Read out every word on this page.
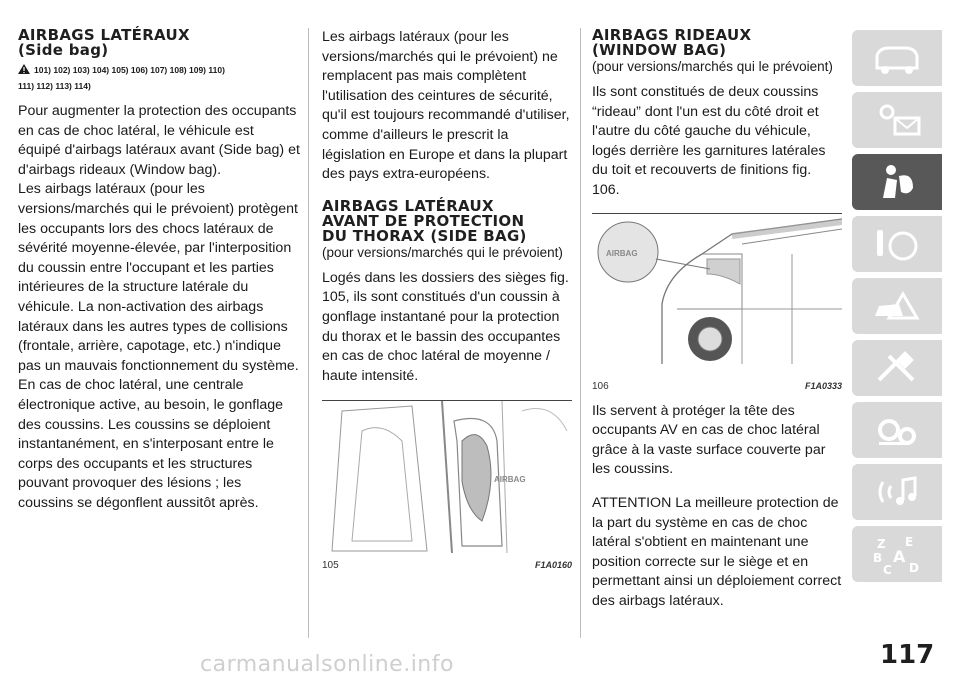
AIRBAGS LATÉRAUX
(Side bag)
101) 102) 103) 104) 105) 106) 107) 108) 109) 110)
111) 112) 113) 114)

Pour augmenter la protection des occupants en cas de choc latéral, le véhicule est équipé d'airbags latéraux avant (Side bag) et d'airbags rideaux (Window bag).

Les airbags latéraux (pour les versions/marchés qui le prévoient) protègent les occupants lors des chocs latéraux de sévérité moyenne-élevée, par l'interposition du coussin entre l'occupant et les parties intérieures de la structure latérale du véhicule. La non-activation des airbags latéraux dans les autres types de collisions (frontale, arrière, capotage, etc.) n'indique pas un mauvais fonctionnement du système.

En cas de choc latéral, une centrale électronique active, au besoin, le gonflage des coussins. Les coussins se déploient instantanément, en s'interposant entre le corps des occupants et les structures pouvant provoquer des lésions ; les coussins se dégonflent aussitôt après.

Les airbags latéraux (pour les versions/marchés qui le prévoient) ne remplacent pas mais complètent l'utilisation des ceintures de sécurité, qu'il est toujours recommandé d'utiliser, comme d'ailleurs le prescrit la législation en Europe et dans la plupart des pays extra-européens.

AIRBAGS LATÉRAUX
AVANT DE PROTECTION
DU THORAX (SIDE BAG)
(pour versions/marchés qui le prévoient)

Logés dans les dossiers des sièges fig. 105, ils sont constitués d'un coussin à gonflage instantané pour la protection du thorax et le bassin des occupantes en cas de choc latéral de moyenne / haute intensité.

AIRBAG
105	F1A0160
AIRBAGS RIDEAUX
(WINDOW BAG)
(pour versions/marchés qui le prévoient)

Ils sont constitués de deux coussins “rideau” dont l'un est du côté droit et l'autre du côté gauche du véhicule, logés derrière les garnitures latérales du toit et recouverts de finitions fig. 106.

AIRBAG
106	F1A0333

Ils servent à protéger la tête des occupants AV en cas de choc latéral grâce à la vaste surface couverte par les coussins.

ATTENTION La meilleure protection de la part du système en cas de choc latéral s'obtient en maintenant une position correcte sur le siège et en permettant ainsi un déploiement correct des airbags latéraux.

Z E
B A
C D
117
carmanualsonline.info
